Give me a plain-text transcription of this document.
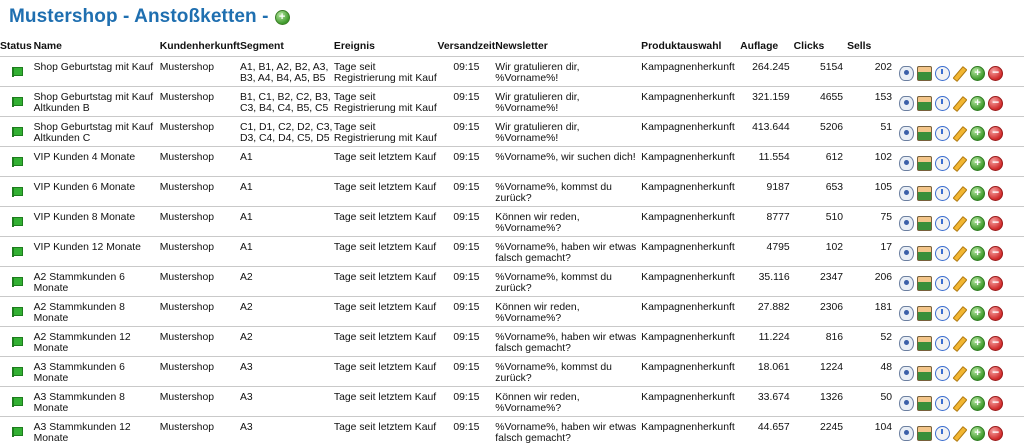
Mustershop - Anstoßketten - +
Status	Name	Kundenherkunft	Segment	Ereignis	Versandzeit	Newsletter	Produktauswahl	Auflage	Clicks	Sells	

	Shop Geburtstag mit Kauf	Mustershop	A1, B1, A2, B2, A3, B3, A4, B4, A5, B5	Tage seit Registrierung mit Kauf	09:15	Wir gratulieren dir, %Vorname%!	Kampagnenherkunft	264.245	5154	202	+ −

	Shop Geburtstag mit Kauf Altkunden B	Mustershop	B1, C1, B2, C2, B3, C3, B4, C4, B5, C5	Tage seit Registrierung mit Kauf	09:15	Wir gratulieren dir, %Vorname%!	Kampagnenherkunft	321.159	4655	153	+ −

	Shop Geburtstag mit Kauf Altkunden C	Mustershop	C1, D1, C2, D2, C3, D3, C4, D4, C5, D5	Tage seit Registrierung mit Kauf	09:15	Wir gratulieren dir, %Vorname%!	Kampagnenherkunft	413.644	5206	51	+ −

	VIP Kunden 4 Monate	Mustershop	A1	Tage seit letztem Kauf	09:15	%Vorname%, wir suchen dich!	Kampagnenherkunft	11.554	612	102	+ −

	VIP Kunden 6 Monate	Mustershop	A1	Tage seit letztem Kauf	09:15	%Vorname%, kommst du zurück?	Kampagnenherkunft	9187	653	105	+ −

	VIP Kunden 8 Monate	Mustershop	A1	Tage seit letztem Kauf	09:15	Können wir reden, %Vorname%?	Kampagnenherkunft	8777	510	75	+ −

	VIP Kunden 12 Monate	Mustershop	A1	Tage seit letztem Kauf	09:15	%Vorname%, haben wir etwas falsch gemacht?	Kampagnenherkunft	4795	102	17	+ −

	A2 Stammkunden 6 Monate	Mustershop	A2	Tage seit letztem Kauf	09:15	%Vorname%, kommst du zurück?	Kampagnenherkunft	35.116	2347	206	+ −

	A2 Stammkunden 8 Monate	Mustershop	A2	Tage seit letztem Kauf	09:15	Können wir reden, %Vorname%?	Kampagnenherkunft	27.882	2306	181	+ −

	A2 Stammkunden 12 Monate	Mustershop	A2	Tage seit letztem Kauf	09:15	%Vorname%, haben wir etwas falsch gemacht?	Kampagnenherkunft	11.224	816	52	+ −

	A3 Stammkunden 6 Monate	Mustershop	A3	Tage seit letztem Kauf	09:15	%Vorname%, kommst du zurück?	Kampagnenherkunft	18.061	1224	48	+ −

	A3 Stammkunden 8 Monate	Mustershop	A3	Tage seit letztem Kauf	09:15	Können wir reden, %Vorname%?	Kampagnenherkunft	33.674	1326	50	+ −

	A3 Stammkunden 12 Monate	Mustershop	A3	Tage seit letztem Kauf	09:15	%Vorname%, haben wir etwas falsch gemacht?	Kampagnenherkunft	44.657	2245	104	+ −
